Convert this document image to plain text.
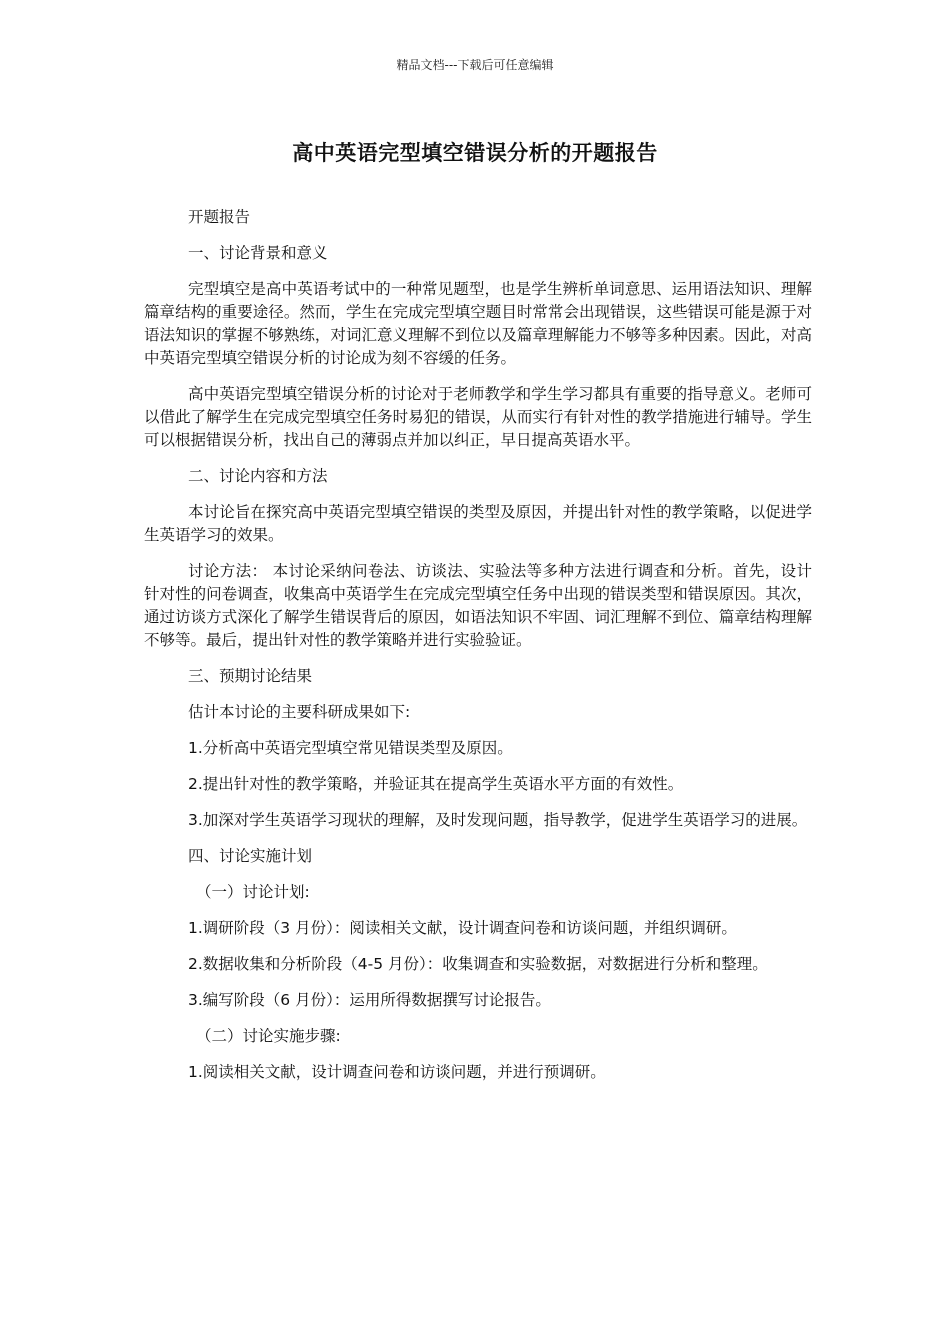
精品文档---下载后可任意编辑
高中英语完型填空错误分析的开题报告

开题报告

一、讨论背景和意义

完型填空是高中英语考试中的一种常见题型，也是学生辨析单词意思、运用语法知识、理解篇章结构的重要途径。然而，学生在完成完型填空题目时常常会出现错误，这些错误可能是源于对语法知识的掌握不够熟练，对词汇意义理解不到位以及篇章理解能力不够等多种因素。因此，对高中英语完型填空错误分析的讨论成为刻不容缓的任务。

高中英语完型填空错误分析的讨论对于老师教学和学生学习都具有重要的指导意义。老师可以借此了解学生在完成完型填空任务时易犯的错误，从而实行有针对性的教学措施进行辅导。学生可以根据错误分析，找出自己的薄弱点并加以纠正，早日提高英语水平。

二、讨论内容和方法

本讨论旨在探究高中英语完型填空错误的类型及原因，并提出针对性的教学策略，以促进学生英语学习的效果。

讨论方法： 本讨论采纳问卷法、访谈法、实验法等多种方法进行调查和分析。首先，设计针对性的问卷调查，收集高中英语学生在完成完型填空任务中出现的错误类型和错误原因。其次，通过访谈方式深化了解学生错误背后的原因，如语法知识不牢固、词汇理解不到位、篇章结构理解不够等。最后，提出针对性的教学策略并进行实验验证。

三、预期讨论结果

估计本讨论的主要科研成果如下:

1.分析高中英语完型填空常见错误类型及原因。

2.提出针对性的教学策略，并验证其在提高学生英语水平方面的有效性。

3.加深对学生英语学习现状的理解，及时发现问题，指导教学，促进学生英语学习的进展。

四、讨论实施计划

（一）讨论计划:

1.调研阶段（3 月份）：阅读相关文献，设计调查问卷和访谈问题，并组织调研。

2.数据收集和分析阶段（4-5 月份）：收集调查和实验数据，对数据进行分析和整理。

3.编写阶段（6 月份）：运用所得数据撰写讨论报告。

（二）讨论实施步骤:

1.阅读相关文献，设计调查问卷和访谈问题，并进行预调研。
